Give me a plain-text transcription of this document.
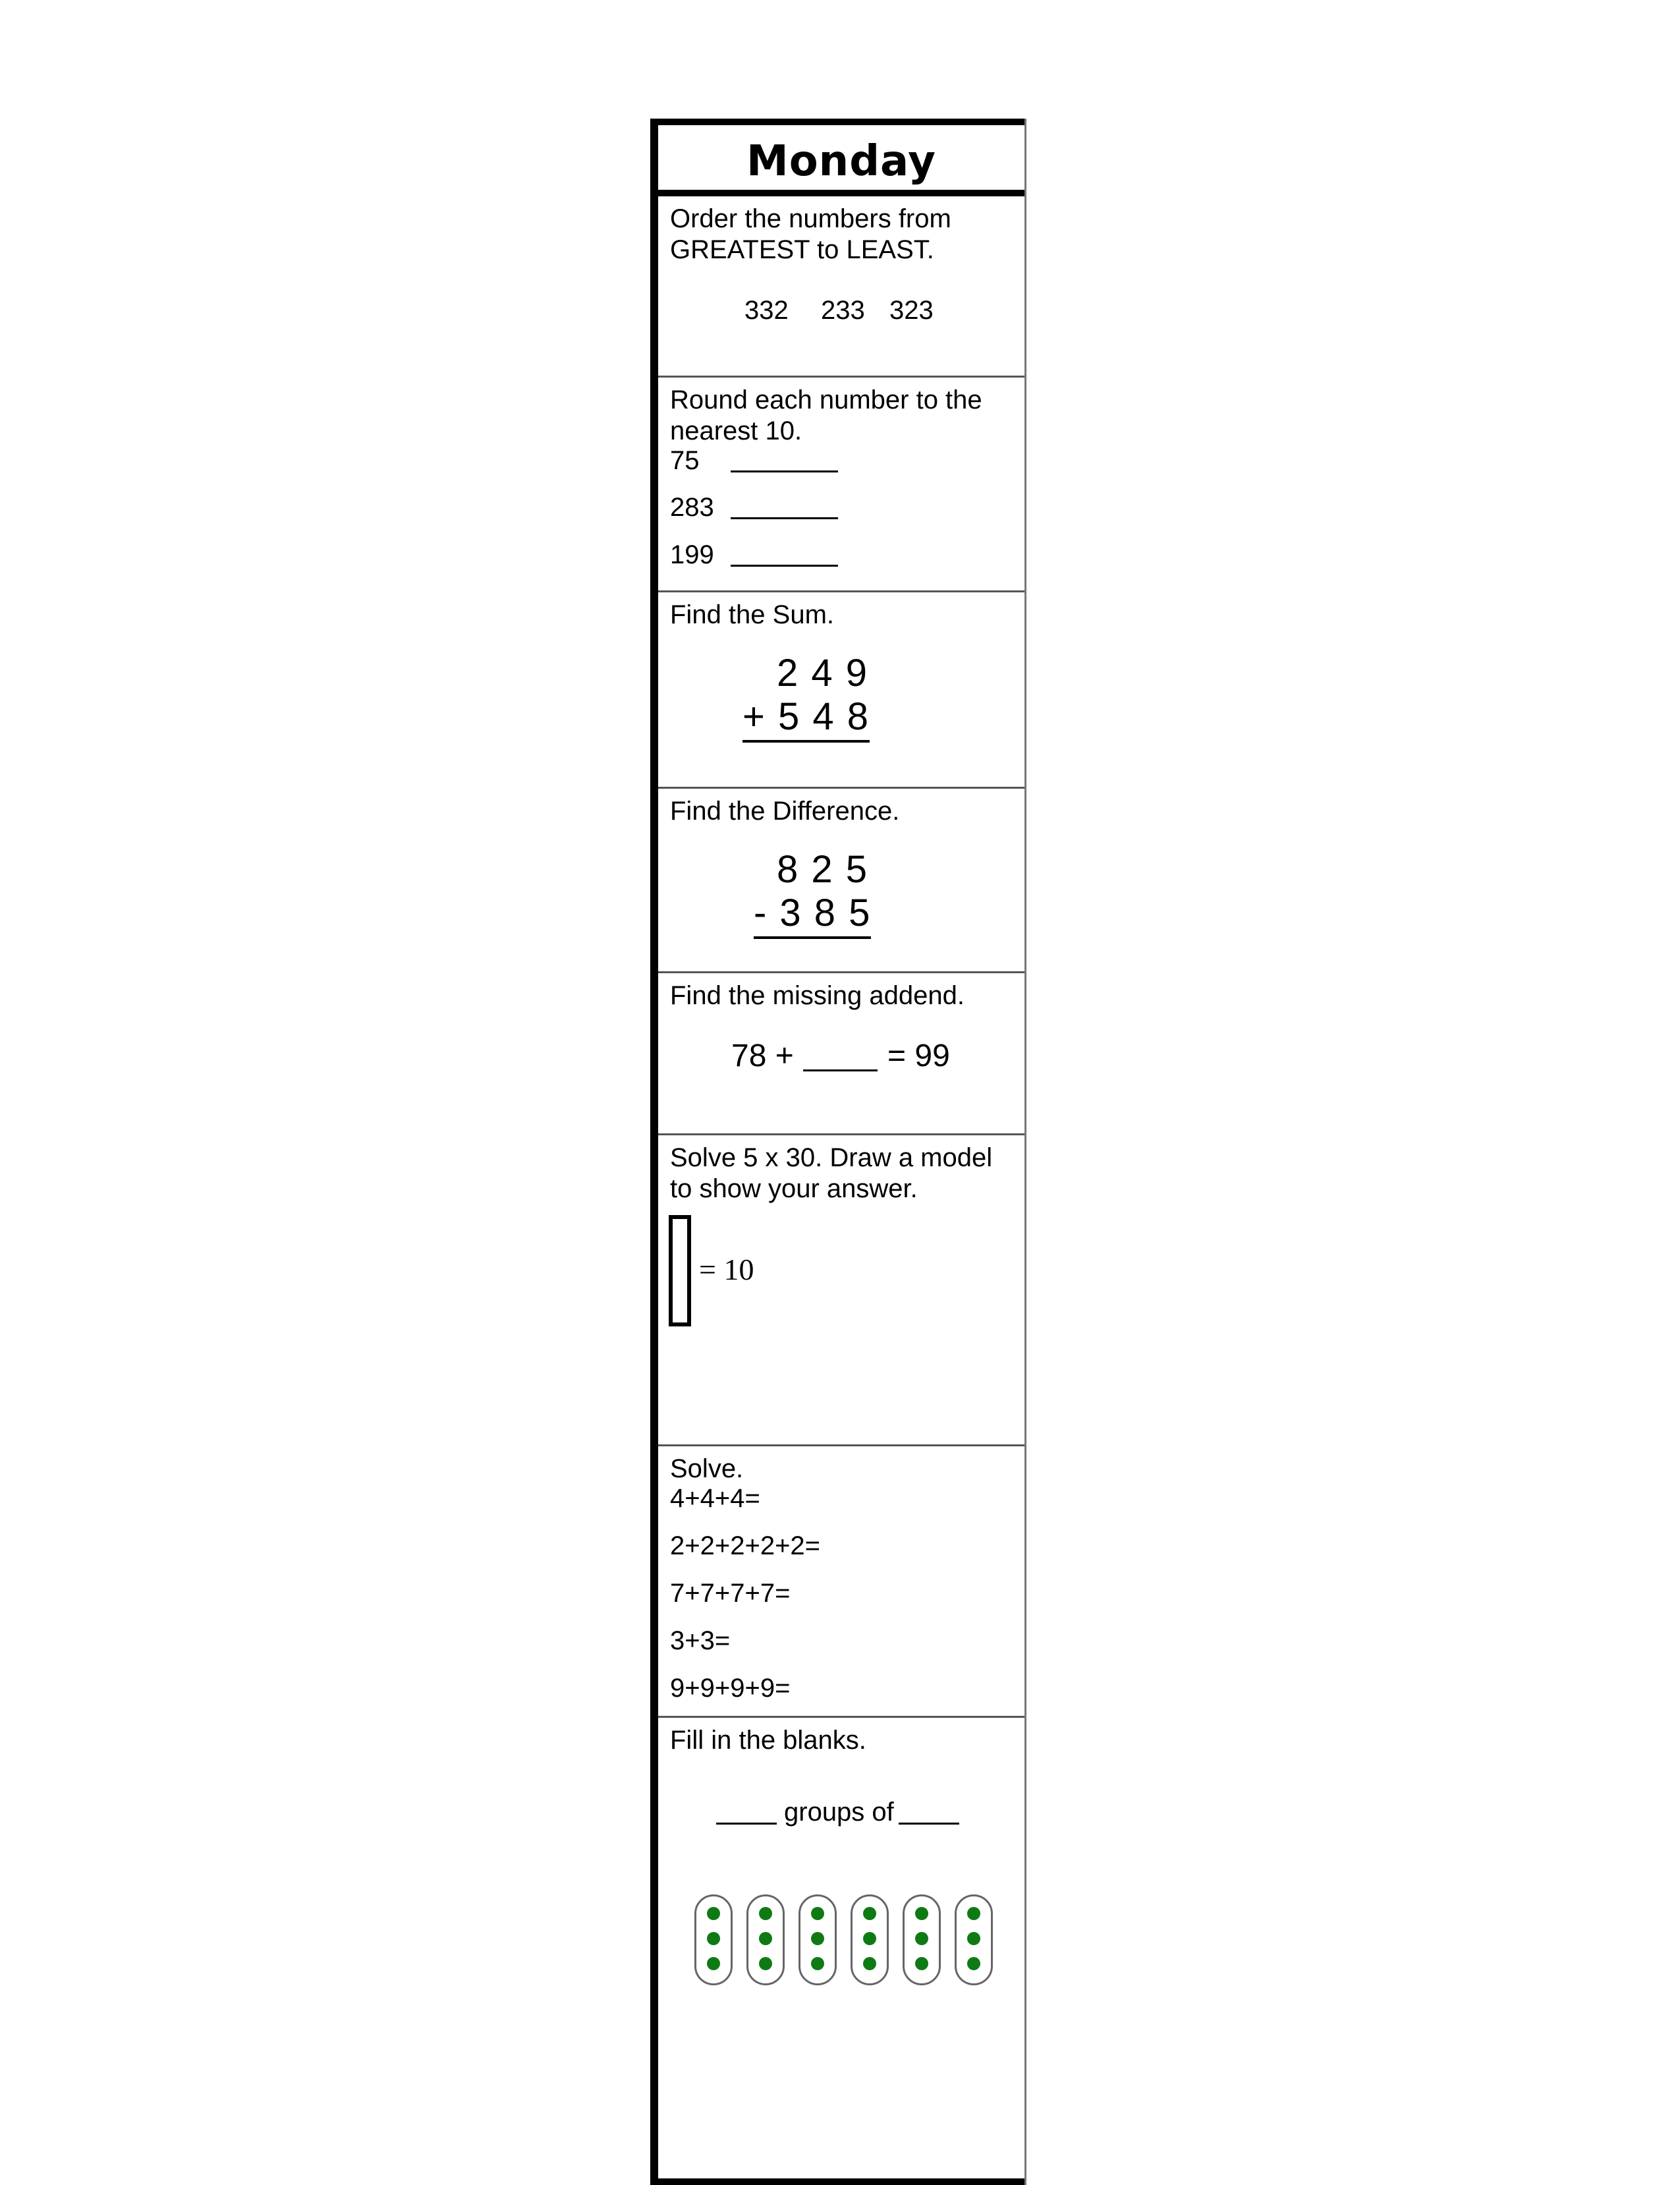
Monday
Order the numbers from
GREATEST to LEAST.
332 233 323
Round each number to the
nearest 10.
75
283
199
Find the Sum.
2 4 9
+ 5 4 8
Find the Difference.
8 2 5
- 3 8 5
Find the missing addend.
78 +	= 99
Solve 5 x 30. Draw a model
to show your answer.
= 10
Solve.
4+4+4=
2+2+2+2+2=
7+7+7+7=
3+3=
9+9+9+9=
Fill in the blanks.
groups of
